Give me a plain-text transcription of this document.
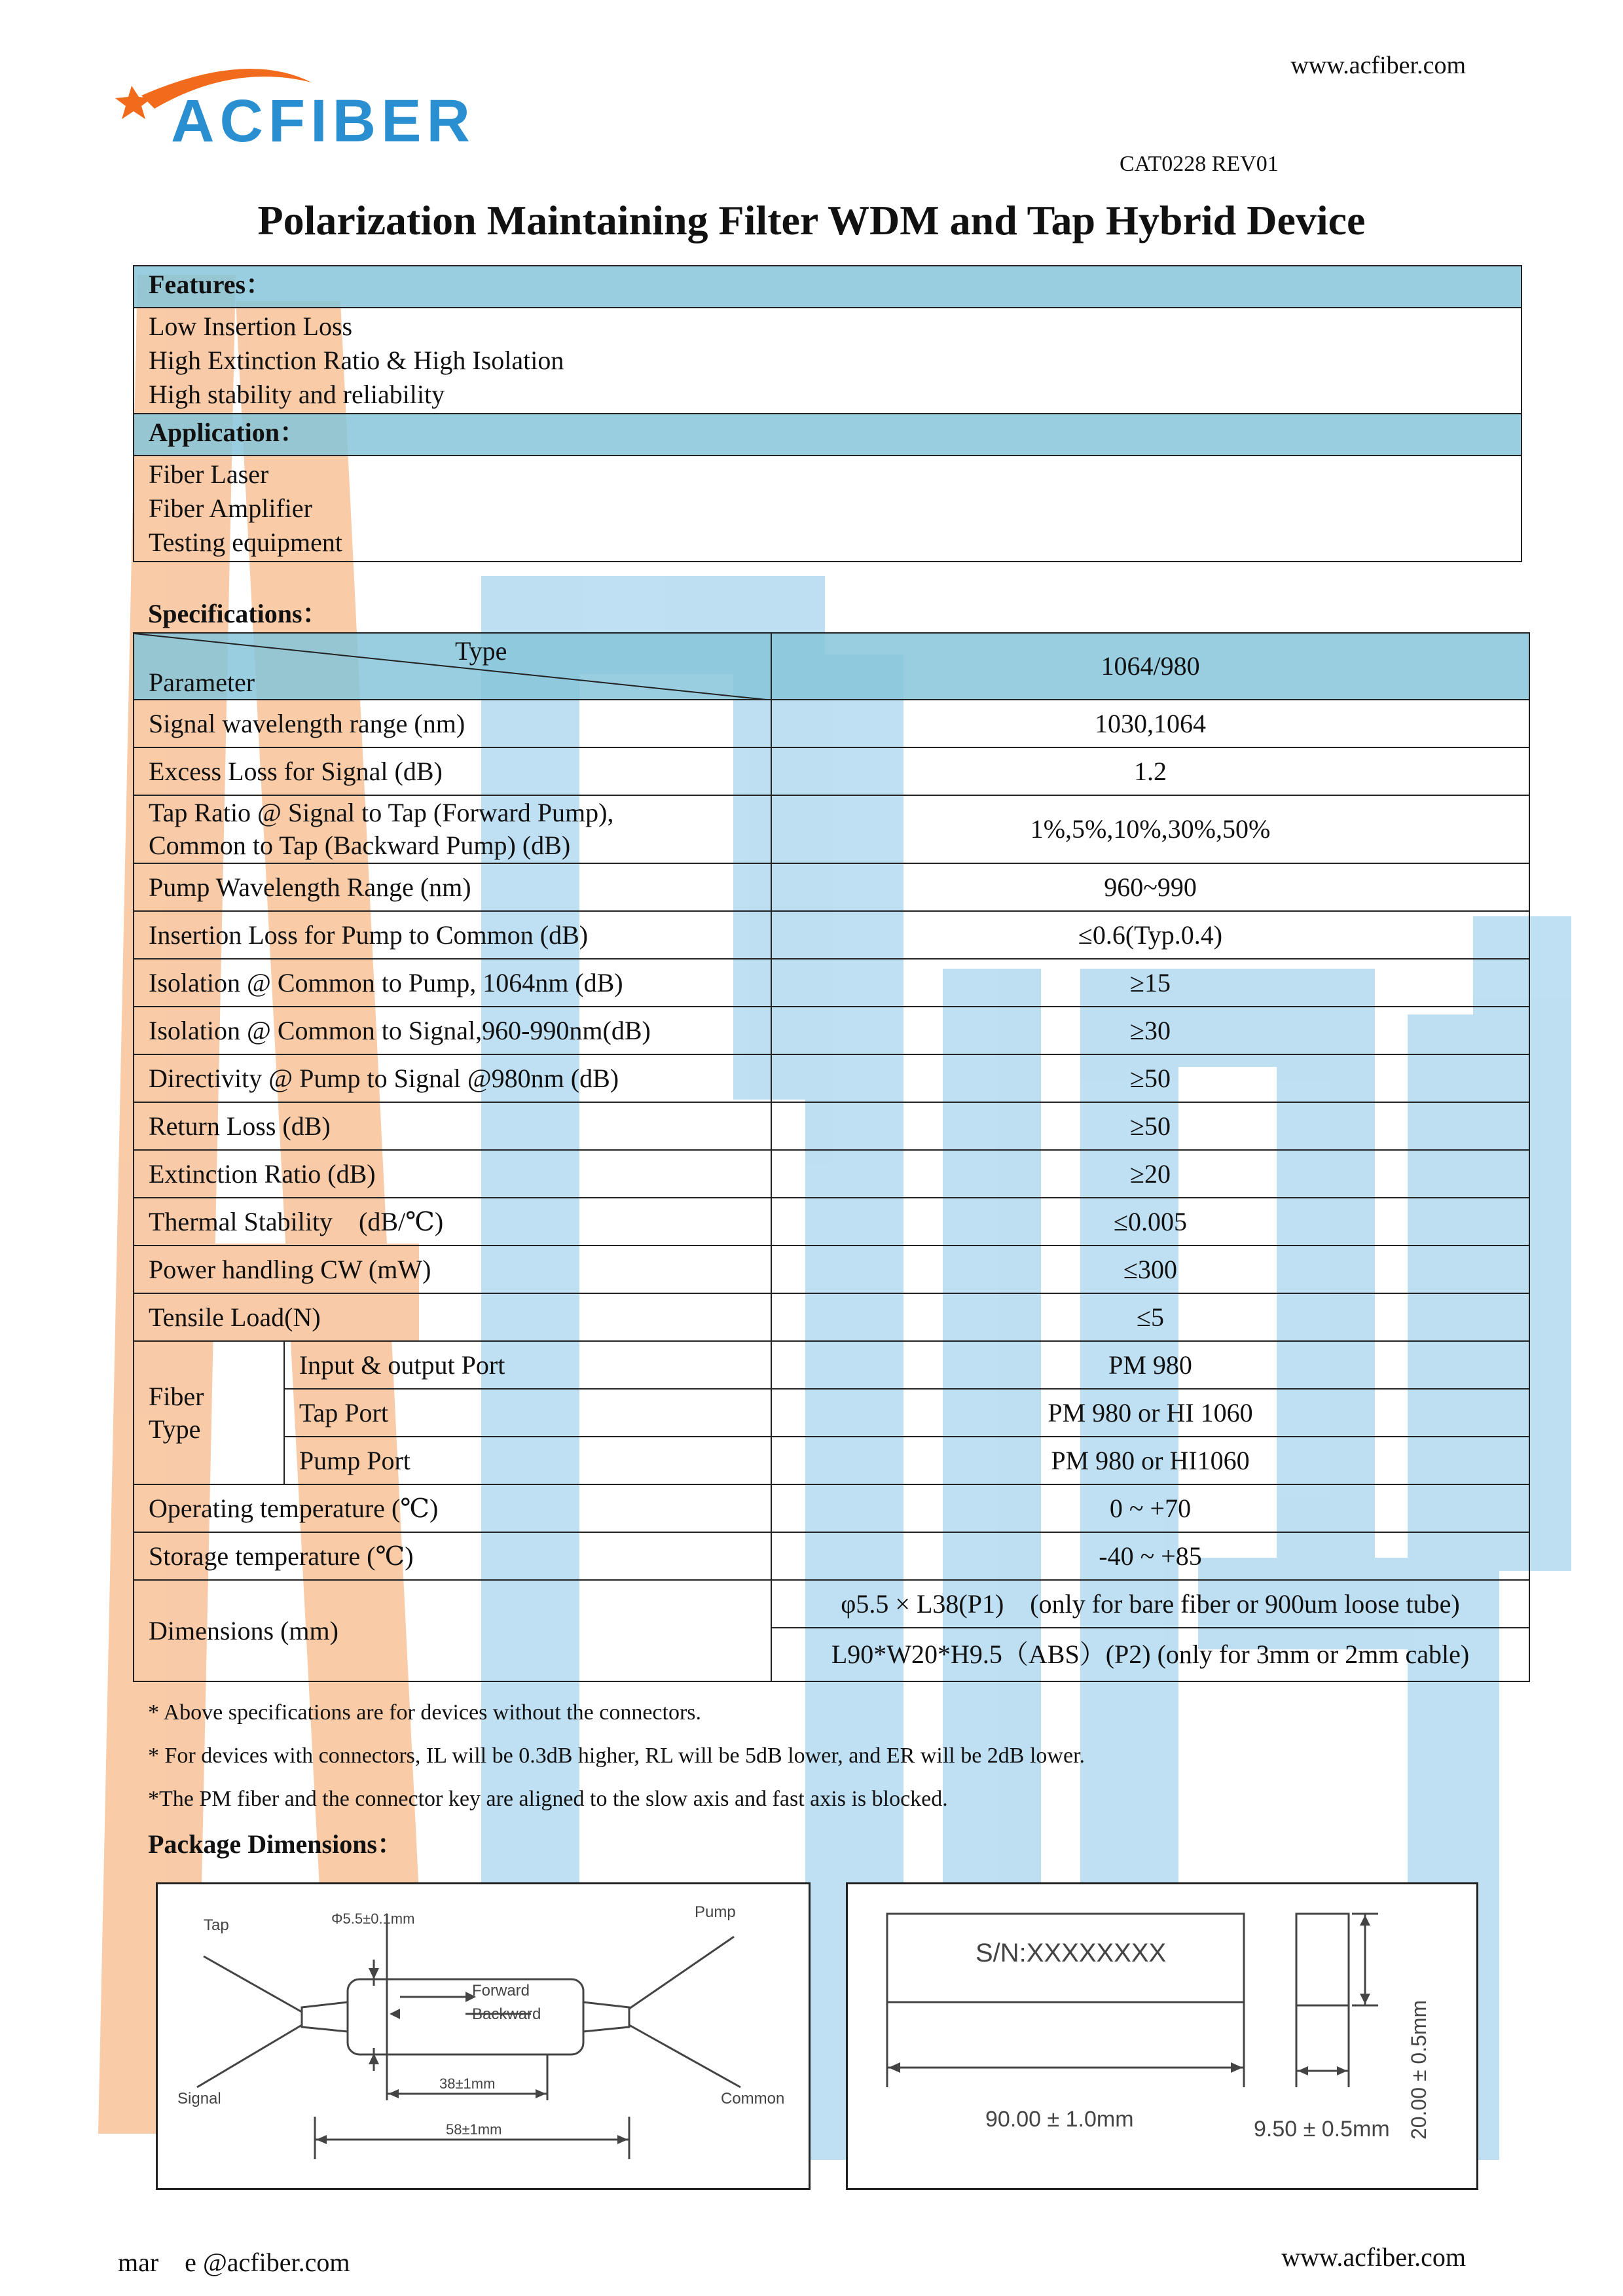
www.acfiber.com
ACFIBER
CAT0228 REV01
Polarization Maintaining Filter WDM and Tap Hybrid Device
Features：

Low Insertion Loss
High Extinction Ratio & High Isolation
High stability and reliability

Application：

Fiber Laser
Fiber Amplifier
Testing equipment
Specifications：
Type
Parameter		1064/980
Signal wavelength range (nm)		1030,1064
Excess Loss for Signal (dB)		1.2

Tap Ratio @ Signal to Tap (Forward Pump),
Common to Tap (Backward Pump) (dB)		1%,5%,10%,30%,50%
Pump Wavelength Range (nm)		960~990
Insertion Loss for Pump to Common (dB)		≤0.6(Typ.0.4)
Isolation @ Common to Pump, 1064nm (dB)		≥15
Isolation @ Common to Signal,960-990nm(dB)		≥30
Directivity @ Pump to Signal @980nm (dB)		≥50
Return Loss (dB)		≥50
Extinction Ratio (dB)		≥20
Thermal Stability　(dB/℃)		≤0.005
Power handling CW (mW)		≤300
Tensile Load(N)		≤5

Fiber
Type	Input & output Port	PM 980
	Tap Port	PM 980 or HI 1060
	Pump Port	PM 980 or HI1060
Operating temperature (℃)		0 ~ +70
Storage temperature (℃)		-40 ~ +85
Dimensions (mm)		φ5.5 × L38(P1)　(only for bare fiber or 900um loose tube)
		L90*W20*H9.5（ABS）(P2) (only for 3mm or 2mm cable)
* Above specifications are for devices without the connectors.
* For devices with connectors, IL will be 0.3dB higher, RL will be 5dB lower, and ER will be 2dB lower.
*The PM fiber and the connector key are aligned to the slow axis and fast axis is blocked.
Package Dimensions：
Tap
Pump
Signal	Common
Forward
Backward
Φ5.5±0.1mm
38±1mm
58±1mm
S/N:XXXXXXXX
90.00 ± 1.0mm	9.50 ± 0.5mm 20.00 ± 0.5mm
mar　e @acfiber.com	www.acfiber.com
